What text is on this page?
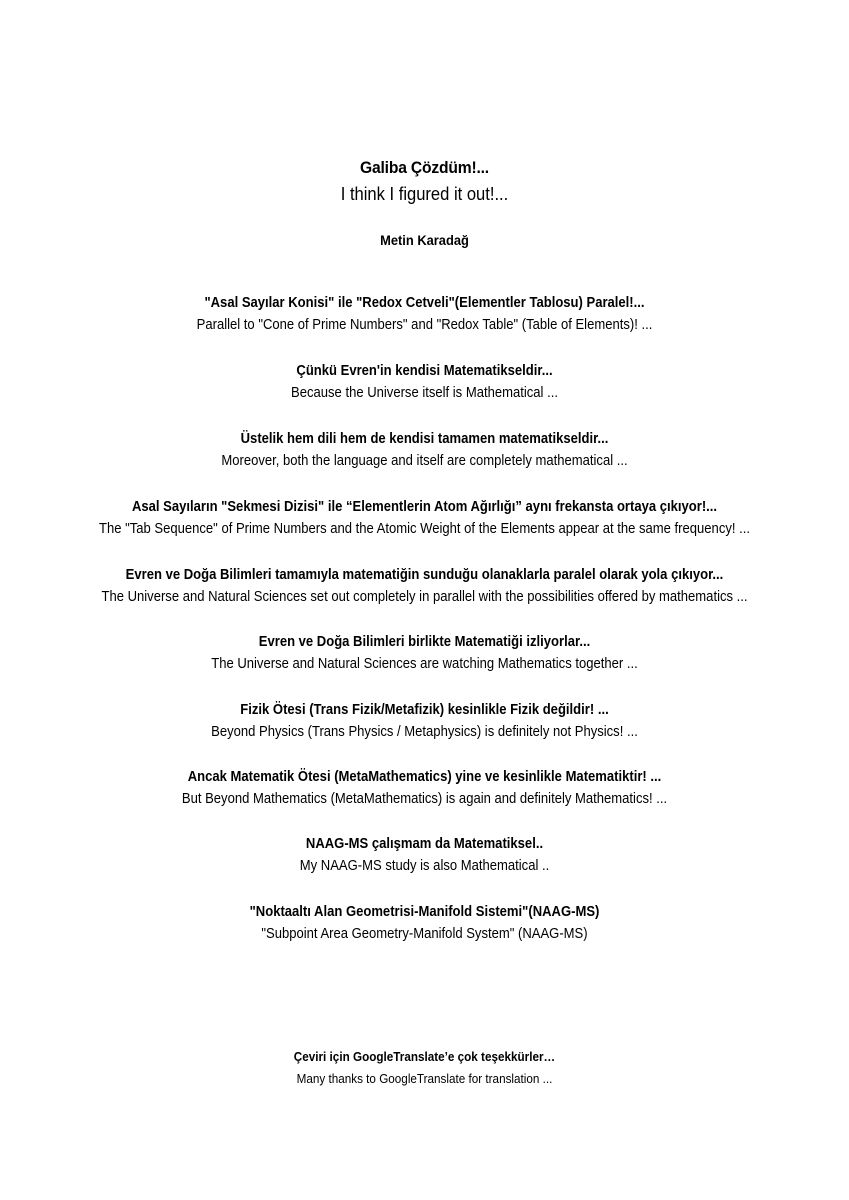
Galiba Çözdüm!...
I think I figured it out!...
Metin Karadağ
"Asal Sayılar Konisi" ile "Redox Cetveli"(Elementler Tablosu) Paralel!...
Parallel to "Cone of Prime Numbers" and "Redox Table" (Table of Elements)! ...
Çünkü Evren'in kendisi Matematikseldir...
Because the Universe itself is Mathematical ...
Üstelik hem dili hem de kendisi tamamen matematikseldir...
Moreover, both the language and itself are completely mathematical ...
Asal Sayıların "Sekmesi Dizisi" ile “Elementlerin Atom Ağırlığı” aynı frekansta ortaya çıkıyor!...
The "Tab Sequence" of Prime Numbers and the Atomic Weight of the Elements appear at the same frequency! ...
Evren ve Doğa Bilimleri tamamıyla matematiğin sunduğu olanaklarla paralel olarak yola çıkıyor...
The Universe and Natural Sciences set out completely in parallel with the possibilities offered by mathematics ...
Evren ve Doğa Bilimleri birlikte Matematiği izliyorlar...
The Universe and Natural Sciences are watching Mathematics together ...
Fizik Ötesi (Trans Fizik/Metafizik) kesinlikle Fizik değildir! ...
Beyond Physics (Trans Physics / Metaphysics) is definitely not Physics! ...
Ancak Matematik Ötesi (MetaMathematics) yine ve kesinlikle Matematiktir! ...
But Beyond Mathematics (MetaMathematics) is again and definitely Mathematics! ...
NAAG-MS çalışmam da Matematiksel..
My NAAG-MS study is also Mathematical ..
"Noktaaltı Alan Geometrisi-Manifold Sistemi"(NAAG-MS)
"Subpoint Area Geometry-Manifold System" (NAAG-MS)
Çeviri için GoogleTranslate’e çok teşekkürler…
Many thanks to GoogleTranslate for translation ...
